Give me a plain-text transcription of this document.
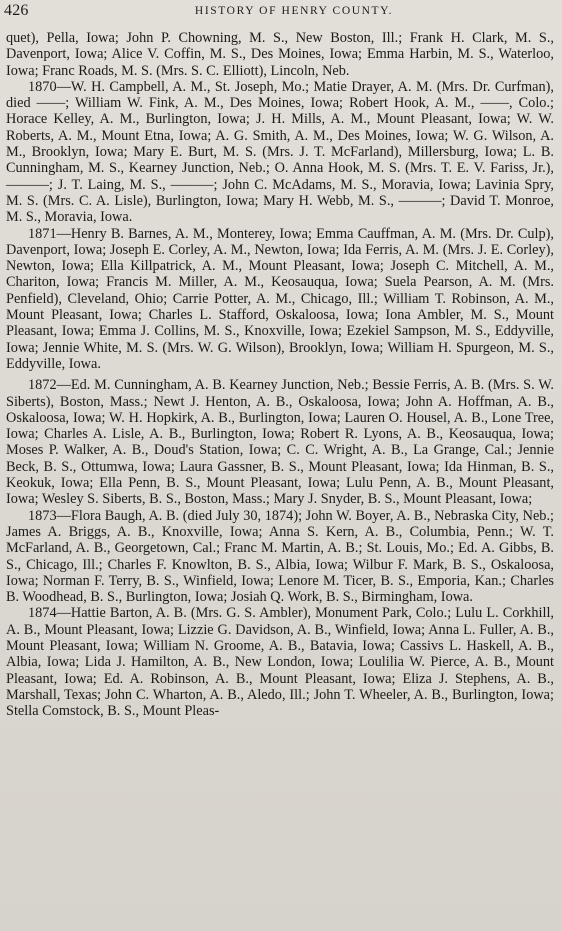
426	HISTORY OF HENRY COUNTY.

quet), Pella, Iowa; John P. Chowning, M. S., New Boston, Ill.; Frank H. Clark, M. S., Davenport, Iowa; Alice V. Coffin, M. S., Des Moines, Iowa; Emma Harbin, M. S., Waterloo, Iowa; Franc Roads, M. S. (Mrs. S. C. Elliott), Lincoln, Neb.

1870—W. H. Campbell, A. M., St. Joseph, Mo.; Matie Drayer, A. M. (Mrs. Dr. Curfman), died ——; William W. Fink, A. M., Des Moines, Iowa; Robert Hook, A. M., ——, Colo.; Horace Kelley, A. M., Burlington, Iowa; J. H. Mills, A. M., Mount Pleasant, Iowa; W. W. Roberts, A. M., Mount Etna, Iowa; A. G. Smith, A. M., Des Moines, Iowa; W. G. Wilson, A. M., Brooklyn, Iowa; Mary E. Burt, M. S. (Mrs. J. T. McFarland), Millersburg, Iowa; L. B. Cunningham, M. S., Kearney Junction, Neb.; O. Anna Hook, M. S. (Mrs. T. E. V. Fariss, Jr.), ———; J. T. Laing, M. S., ———; John C. McAdams, M. S., Moravia, Iowa; Lavinia Spry, M. S. (Mrs. C. A. Lisle), Burlington, Iowa; Mary H. Webb, M. S., ———; David T. Monroe, M. S., Moravia, Iowa.

1871—Henry B. Barnes, A. M., Monterey, Iowa; Emma Cauffman, A. M. (Mrs. Dr. Culp), Davenport, Iowa; Joseph E. Corley, A. M., Newton, Iowa; Ida Ferris, A. M. (Mrs. J. E. Corley), Newton, Iowa; Ella Killpatrick, A. M., Mount Pleasant, Iowa; Joseph C. Mitchell, A. M., Chariton, Iowa; Francis M. Miller, A. M., Keosauqua, Iowa; Suela Pearson, A. M. (Mrs. Penfield), Cleveland, Ohio; Carrie Potter, A. M., Chicago, Ill.; William T. Robinson, A. M., Mount Pleasant, Iowa; Charles L. Stafford, Oskaloosa, Iowa; Iona Ambler, M. S., Mount Pleasant, Iowa; Emma J. Collins, M. S., Knoxville, Iowa; Ezekiel Sampson, M. S., Eddyville, Iowa; Jennie White, M. S. (Mrs. W. G. Wilson), Brooklyn, Iowa; William H. Spurgeon, M. S., Eddyville, Iowa.

1872—Ed. M. Cunningham, A. B. Kearney Junction, Neb.; Bessie Ferris, A. B. (Mrs. S. W. Siberts), Boston, Mass.; Newt J. Henton, A. B., Oskaloosa, Iowa; John A. Hoffman, A. B., Oskaloosa, Iowa; W. H. Hopkirk, A. B., Burlington, Iowa; Lauren O. Housel, A. B., Lone Tree, Iowa; Charles A. Lisle, A. B., Burlington, Iowa; Robert R. Lyons, A. B., Keosauqua, Iowa; Moses P. Walker, A. B., Doud's Station, Iowa; C. C. Wright, A. B., La Grange, Cal.; Jennie Beck, B. S., Ottumwa, Iowa; Laura Gassner, B. S., Mount Pleasant, Iowa; Ida Hinman, B. S., Keokuk, Iowa; Ella Penn, B. S., Mount Pleasant, Iowa; Lulu Penn, A. B., Mount Pleasant, Iowa; Wesley S. Siberts, B. S., Boston, Mass.; Mary J. Snyder, B. S., Mount Pleasant, Iowa;

1873—Flora Baugh, A. B. (died July 30, 1874); John W. Boyer, A. B., Nebraska City, Neb.; James A. Briggs, A. B., Knoxville, Iowa; Anna S. Kern, A. B., Columbia, Penn.; W. T. McFarland, A. B., Georgetown, Cal.; Franc M. Martin, A. B.; St. Louis, Mo.; Ed. A. Gibbs, B. S., Chicago, Ill.; Charles F. Knowlton, B. S., Albia, Iowa; Wilbur F. Mark, B. S., Oskaloosa, Iowa; Norman F. Terry, B. S., Winfield, Iowa; Lenore M. Ticer, B. S., Emporia, Kan.; Charles B. Woodhead, B. S., Burlington, Iowa; Josiah Q. Work, B. S., Birmingham, Iowa.

1874—Hattie Barton, A. B. (Mrs. G. S. Ambler), Monument Park, Colo.; Lulu L. Corkhill, A. B., Mount Pleasant, Iowa; Lizzie G. Davidson, A. B., Winfield, Iowa; Anna L. Fuller, A. B., Mount Pleasant, Iowa; William N. Groome, A. B., Batavia, Iowa; Cassivs L. Haskell, A. B., Albia, Iowa; Lida J. Hamilton, A. B., New London, Iowa; Loulilia W. Pierce, A. B., Mount Pleasant, Iowa; Ed. A. Robinson, A. B., Mount Pleasant, Iowa; Eliza J. Stephens, A. B., Marshall, Texas; John C. Wharton, A. B., Aledo, Ill.; John T. Wheeler, A. B., Burlington, Iowa; Stella Comstock, B. S., Mount Pleas-
